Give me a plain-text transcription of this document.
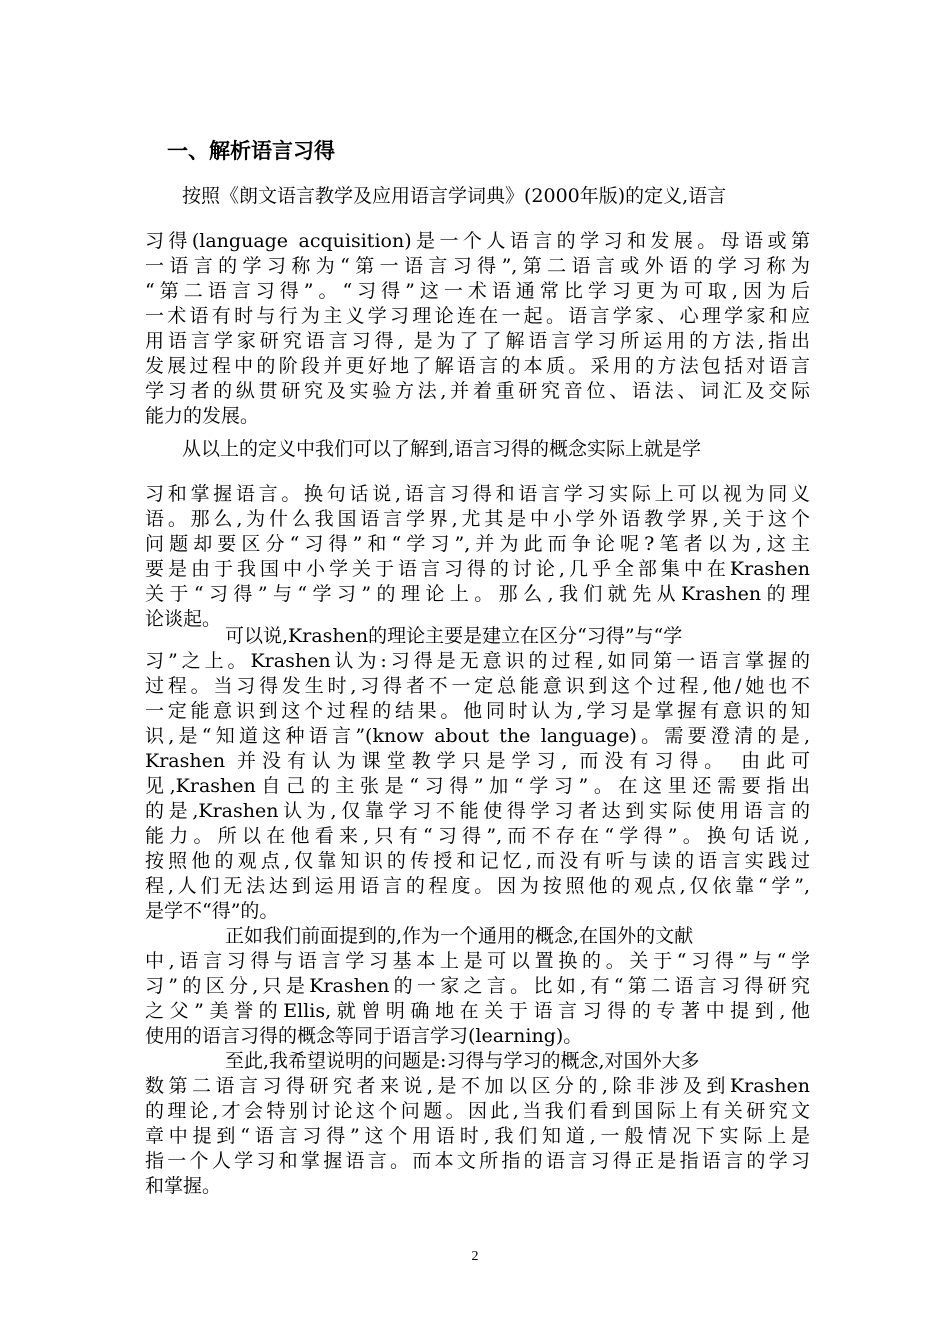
一、解析语言习得
按照《朗文语言教学及应用语言学词典》(2000年版)的定义,语言
习得(language acquisition)是一个人语言的学习和发展。母语或第
一语言的学习称为“第一语言习得”,第二语言或外语的学习称为
“第二语言习得”。“习得”这一术语通常比学习更为可取,因为后
一术语有时与行为主义学习理论连在一起。语言学家、心理学家和应
用语言学家研究语言习得, 是为了了解语言学习所运用的方法,指出
发展过程中的阶段并更好地了解语言的本质。采用的方法包括对语言
学习者的纵贯研究及实验方法,并着重研究音位、语法、词汇及交际
能力的发展。
从以上的定义中我们可以了解到,语言习得的概念实际上就是学
习和掌握语言。换句话说,语言习得和语言学习实际上可以视为同义
语。那么,为什么我国语言学界,尤其是中小学外语教学界,关于这个
问题却要区分“习得”和“学习”,并为此而争论呢?笔者以为,这主
要是由于我国中小学关于语言习得的讨论,几乎全部集中在Krashen
关于“习得”与“学习”的理论上。那么,我们就先从Krashen的理
论谈起。
可以说,Krashen的理论主要是建立在区分“习得”与“学
习”之上。Krashen认为:习得是无意识的过程,如同第一语言掌握的
过程。当习得发生时,习得者不一定总能意识到这个过程,他/她也不
一定能意识到这个过程的结果。他同时认为,学习是掌握有意识的知
识,是“知道这种语言”(know about the language)。需要澄清的是,
Krashen 并没有认为课堂教学只是学习, 而没有习得。 由此可
见,Krashen自己的主张是“习得”加“学习”。在这里还需要指出
的是,Krashen认为,仅靠学习不能使得学习者达到实际使用语言的
能力。所以在他看来,只有“习得”,而不存在“学得”。换句话说,
按照他的观点,仅靠知识的传授和记忆,而没有听与读的语言实践过
程,人们无法达到运用语言的程度。因为按照他的观点,仅依靠“学”,
是学不“得”的。
正如我们前面提到的,作为一个通用的概念,在国外的文献
中,语言习得与语言学习基本上是可以置换的。关于“习得”与“学
习”的区分,只是Krashen的一家之言。比如,有“第二语言习得研究
之父”美誉的Ellis,就曾明确地在关于语言习得的专著中提到,他
使用的语言习得的概念等同于语言学习(learning)。
至此,我希望说明的问题是:习得与学习的概念,对国外大多
数第二语言习得研究者来说,是不加以区分的,除非涉及到Krashen
的理论,才会特别讨论这个问题。因此,当我们看到国际上有关研究文
章中提到“语言习得”这个用语时,我们知道,一般情况下实际上是
指一个人学习和掌握语言。而本文所指的语言习得正是指语言的学习
和掌握。
2
